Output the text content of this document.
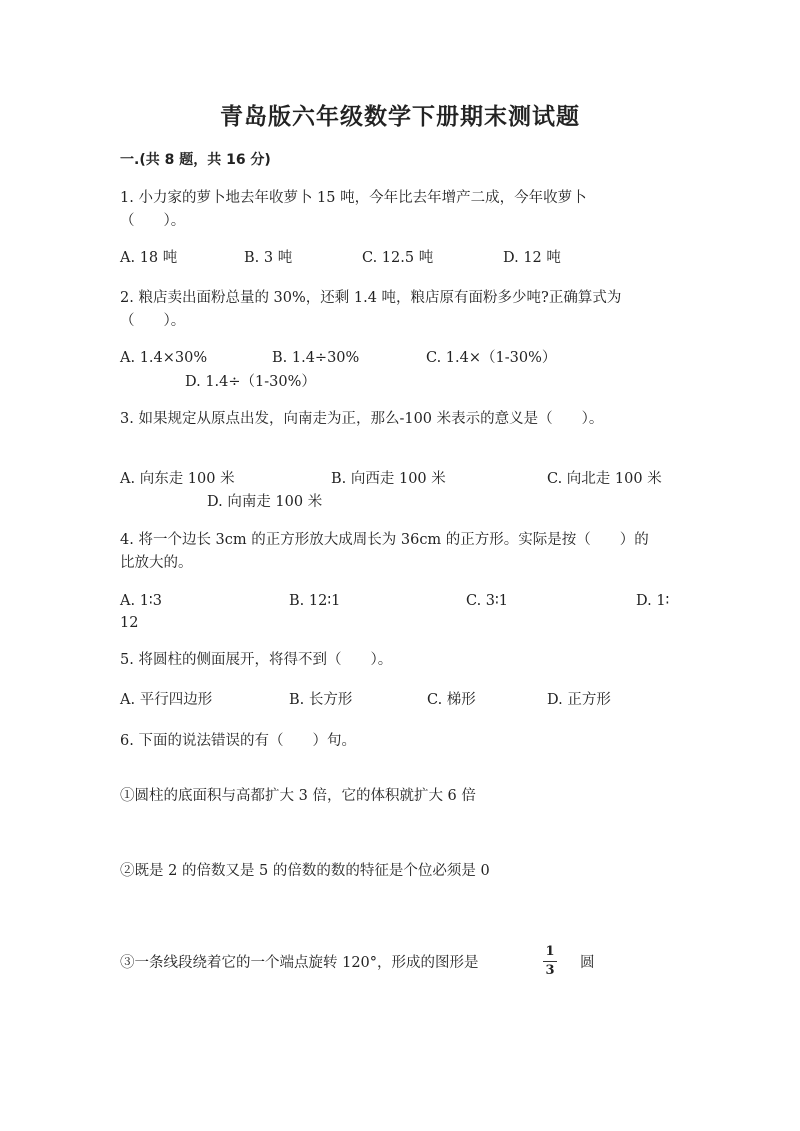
青岛版六年级数学下册期末测试题
一.(共 8 题，共 16 分)
1. 小力家的萝卜地去年收萝卜 15 吨，今年比去年增产二成，今年收萝卜
（　　）。
A. 18 吨	B. 3 吨	C. 12.5 吨	D. 12 吨
2. 粮店卖出面粉总量的 30%，还剩 1.4 吨，粮店原有面粉多少吨?正确算式为
（　　）。
A. 1.4×30%	B. 1.4÷30%	C. 1.4×（1-30%）
D. 1.4÷（1-30%）
3. 如果规定从原点出发，向南走为正，那么-100 米表示的意义是（　　）。
A. 向东走 100 米	B. 向西走 100 米	C. 向北走 100 米
D. 向南走 100 米
4. 将一个边长 3cm 的正方形放大成周长为 36cm 的正方形。实际是按（　　）的
比放大的。
A. 1∶3	B. 12∶1	C. 3∶1	D. 1∶
12
5. 将圆柱的侧面展开，将得不到（　　）。
A. 平行四边形	B. 长方形	C. 梯形	D. 正方形
6. 下面的说法错误的有（　　）句。
①圆柱的底面积与高都扩大 3 倍，它的体积就扩大 6 倍
②既是 2 的倍数又是 5 的倍数的数的特征是个位必须是 0
③一条线段绕着它的一个端点旋转 120°，形成的图形是
1
3 圆
